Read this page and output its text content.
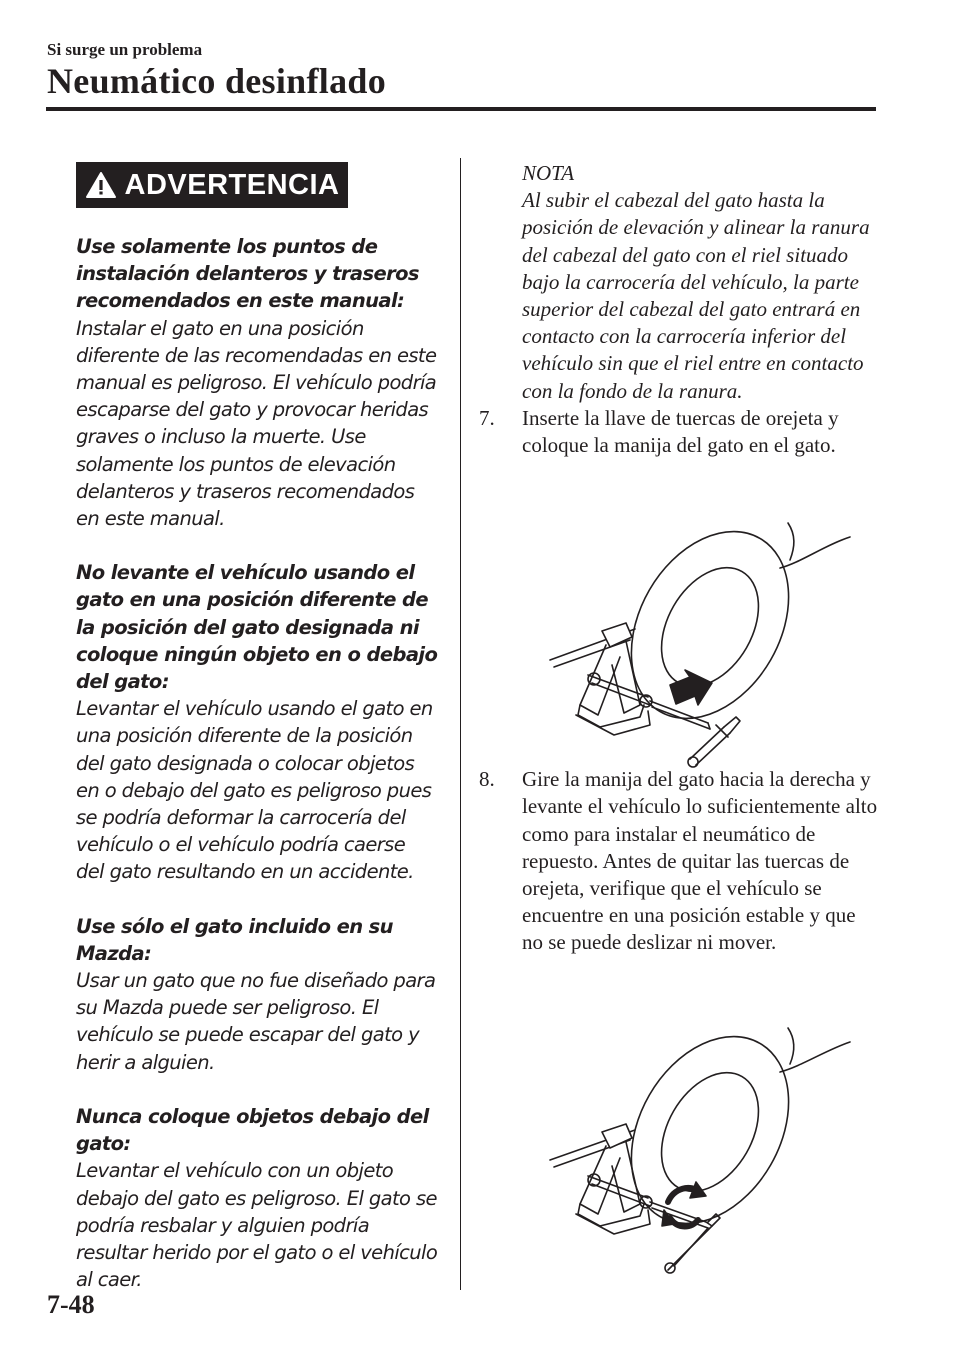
Si surge un problema
Neumático desinflado
ADVERTENCIA
Use solamente los puntos de instalación delanteros y traseros recomendados en este manual:
Instalar el gato en una posición diferente de las recomendadas en este manual es peligroso. El vehículo podría escaparse del gato y provocar heridas graves o incluso la muerte. Use solamente los puntos de elevación delanteros y traseros recomendados en este manual.
No levante el vehículo usando el gato en una posición diferente de la posición del gato designada ni coloque ningún objeto en o debajo del gato:
Levantar el vehículo usando el gato en una posición diferente de la posición del gato designada o colocar objetos en o debajo del gato es peligroso pues se podría deformar la carrocería del vehículo o el vehículo podría caerse del gato resultando en un accidente.
Use sólo el gato incluido en su Mazda:
Usar un gato que no fue diseñado para su Mazda puede ser peligroso. El vehículo se puede escapar del gato y herir a alguien.
Nunca coloque objetos debajo del gato:
Levantar el vehículo con un objeto debajo del gato es peligroso. El gato se podría resbalar y alguien podría resultar herido por el gato o el vehículo al caer.
NOTA
Al subir el cabezal del gato hasta la posición de elevación y alinear la ranura del cabezal del gato con el riel situado bajo la carrocería del vehículo, la parte superior del cabezal del gato entrará en contacto con la carrocería inferior del vehículo sin que el riel entre en contacto con la fondo de la ranura.
7.	Inserte la llave de tuercas de orejeta y coloque la manija del gato en el gato.
8.	Gire la manija del gato hacia la derecha y levante el vehículo lo suficientemente alto como para instalar el neumático de repuesto. Antes de quitar las tuercas de orejeta, verifique que el vehículo se encuentre en una posición estable y que no se puede deslizar ni mover.
7-48
